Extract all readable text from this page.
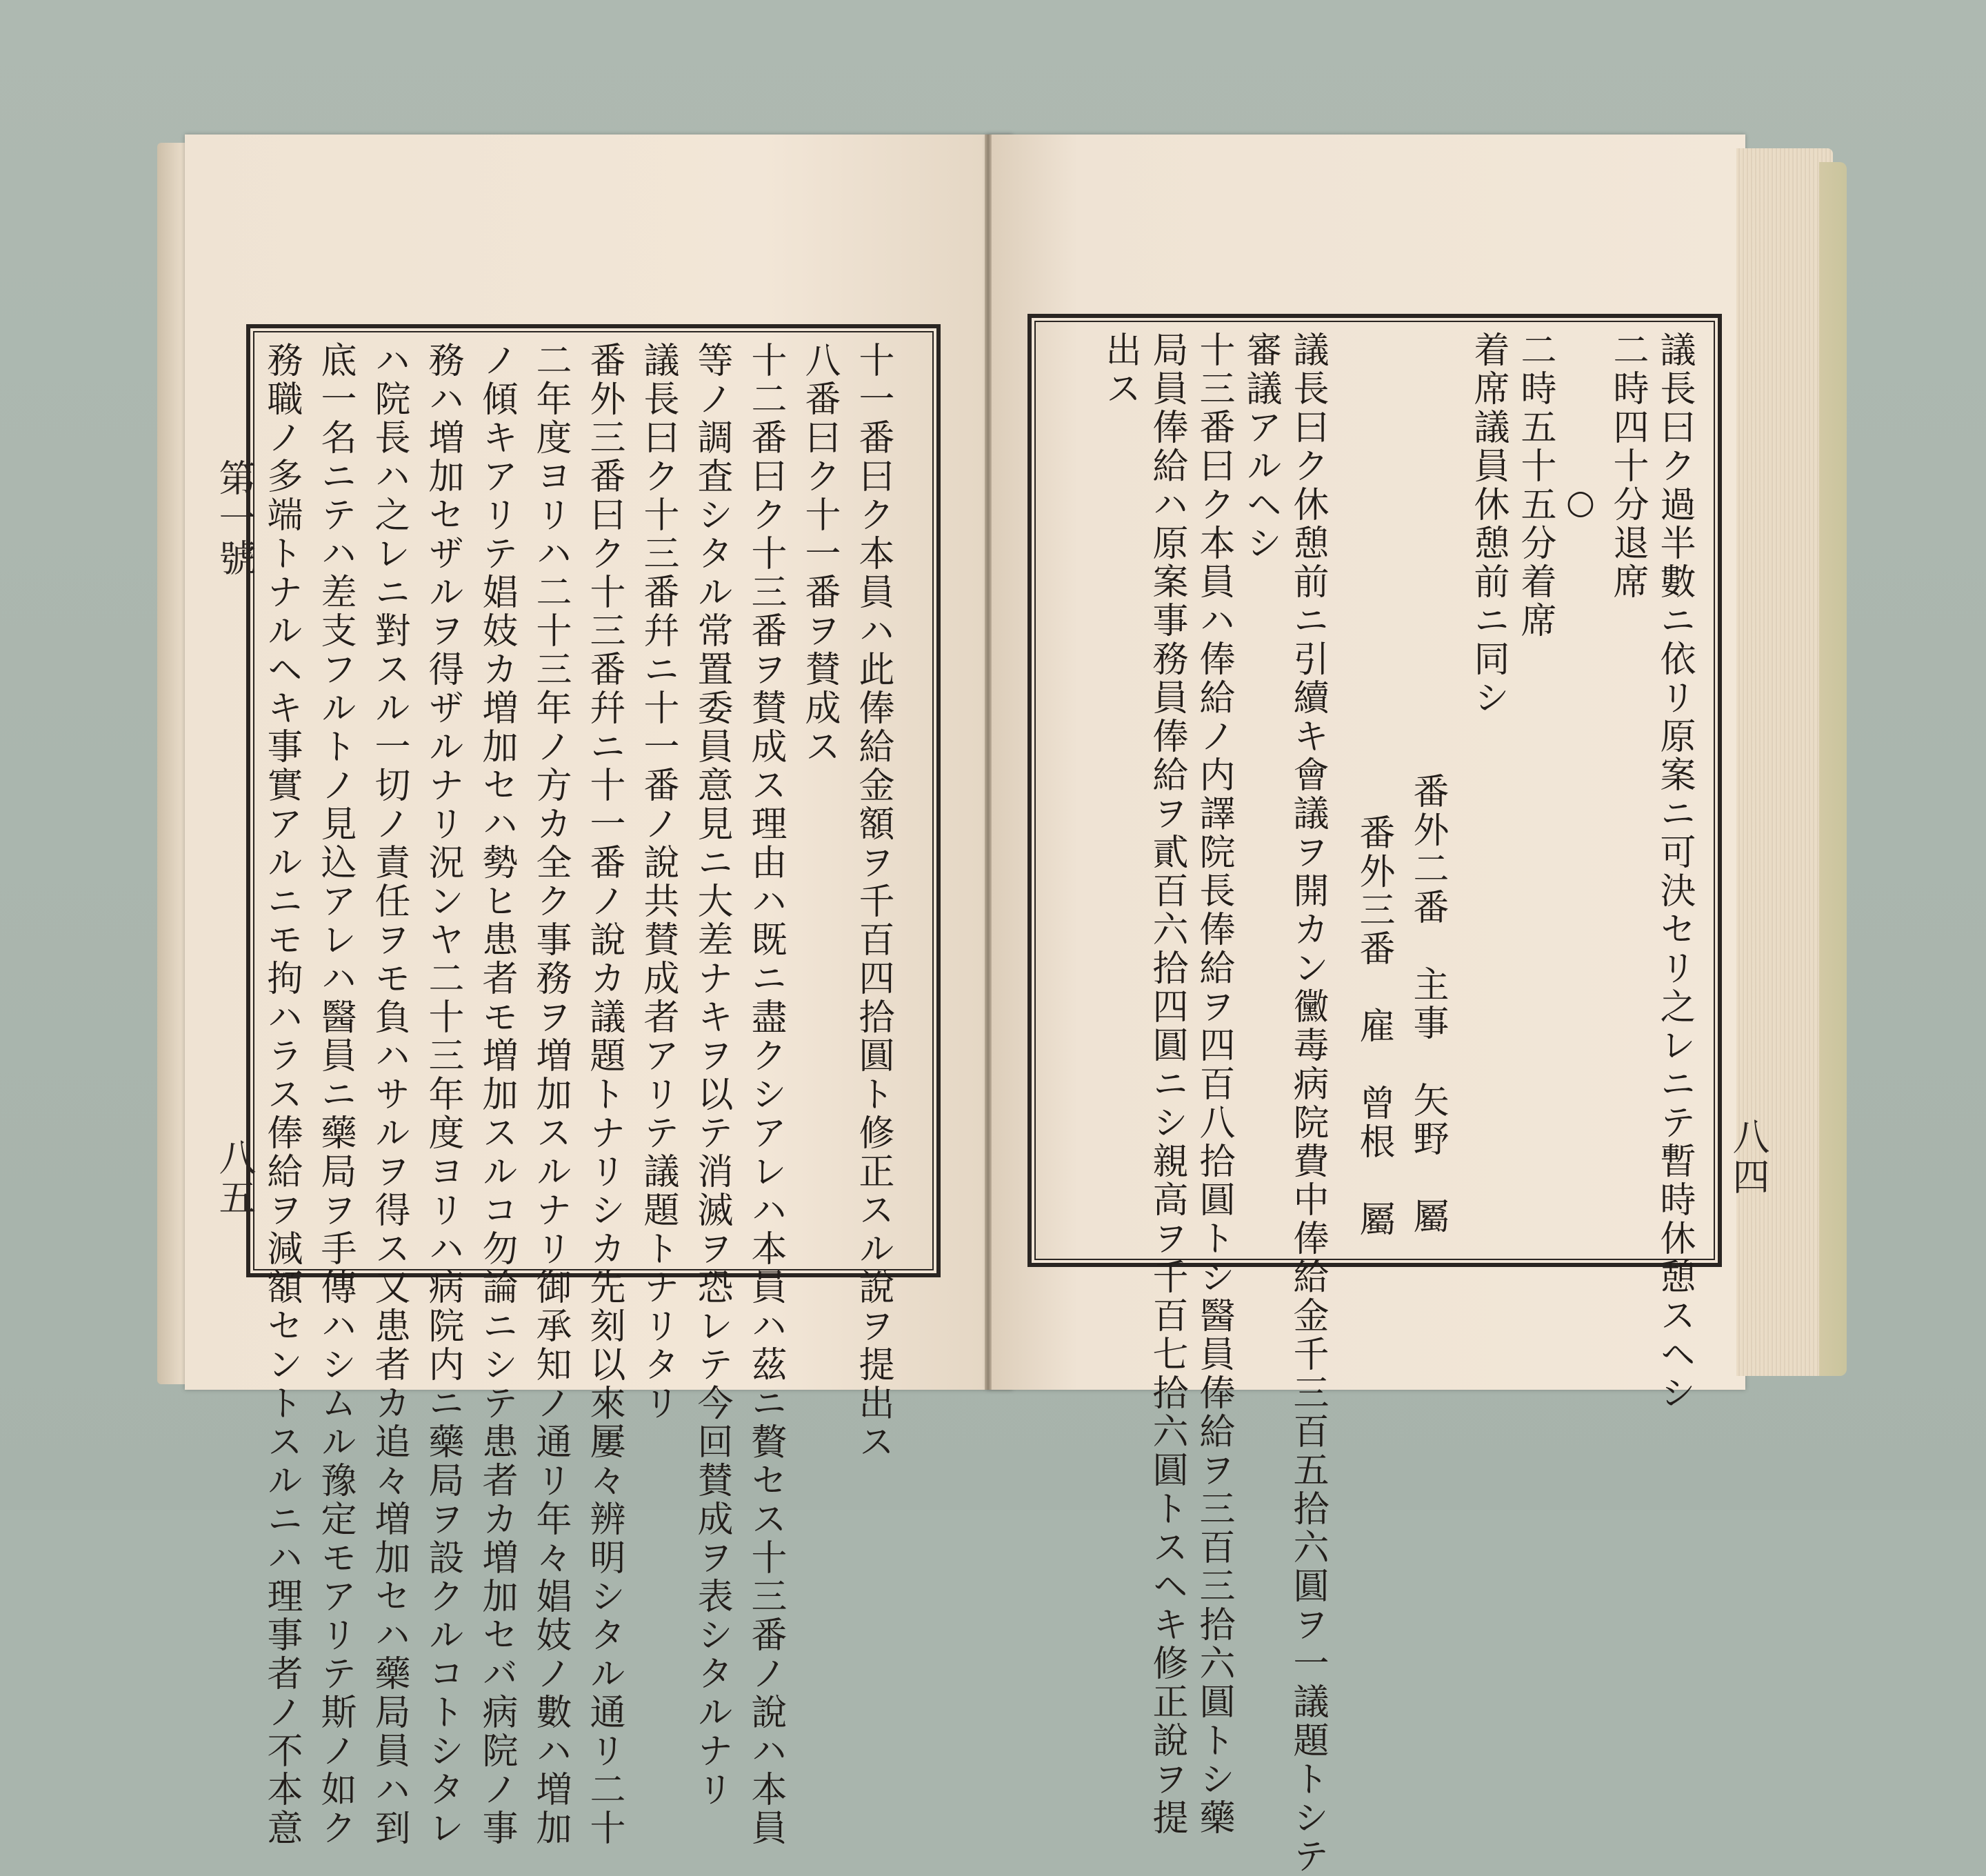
議長曰ク過半數ニ依リ原案ニ可決セリ之レニテ暫時休憩スヘシ
二時四十分退席
○
二時五十五分着席
着席議員休憩前ニ同シ
番外二番　主事　矢野　屬
番外三番　雇　曾根　屬
議長曰ク休憩前ニ引續キ會議ヲ開カン黴毒病院費中俸給金千三百五拾六圓ヲ一議題トシテ
審議アルヘシ
十三番曰ク本員ハ俸給ノ内譯院長俸給ヲ四百八拾圓トシ醫員俸給ヲ三百三拾六圓トシ藥
局員俸給ハ原案事務員俸給ヲ貳百六拾四圓ニシ親高ヲ千百七拾六圓トスヘキ修正說ヲ提
出ス
八四
十一番曰ク本員ハ此俸給金額ヲ千百四拾圓ト修正スル說ヲ提出ス
八番曰ク十一番ヲ賛成ス
十二番曰ク十三番ヲ賛成ス理由ハ既ニ盡クシアレハ本員ハ茲ニ贅セス十三番ノ說ハ本員
等ノ調査シタル常置委員意見ニ大差ナキヲ以テ消滅ヲ恐レテ今回賛成ヲ表シタルナリ
議長曰ク十三番幷ニ十一番ノ說共賛成者アリテ議題トナリタリ
番外三番曰ク十三番幷ニ十一番ノ說カ議題トナリシカ先刻以來屢々辨明シタル通リ二十
二年度ヨリハ二十三年ノ方カ全ク事務ヲ増加スルナリ御承知ノ通リ年々娼妓ノ數ハ増加
ノ傾キアリテ娼妓カ増加セハ勢ヒ患者モ増加スルコ勿論ニシテ患者カ増加セバ病院ノ事
務ハ増加セザルヲ得ザルナリ況ンヤ二十三年度ヨリハ病院内ニ藥局ヲ設クルコトシタレ
ハ院長ハ之レニ對スル一切ノ責任ヲモ負ハサルヲ得ス又患者カ追々増加セハ藥局員ハ到
底一名ニテハ差支フルトノ見込アレハ醫員ニ藥局ヲ手傳ハシムル豫定モアリテ斯ノ如ク
務職ノ多端トナルヘキ事實アルニモ拘ハラス俸給ヲ減額セントスルニハ理事者ノ不本意
第一號
八五
